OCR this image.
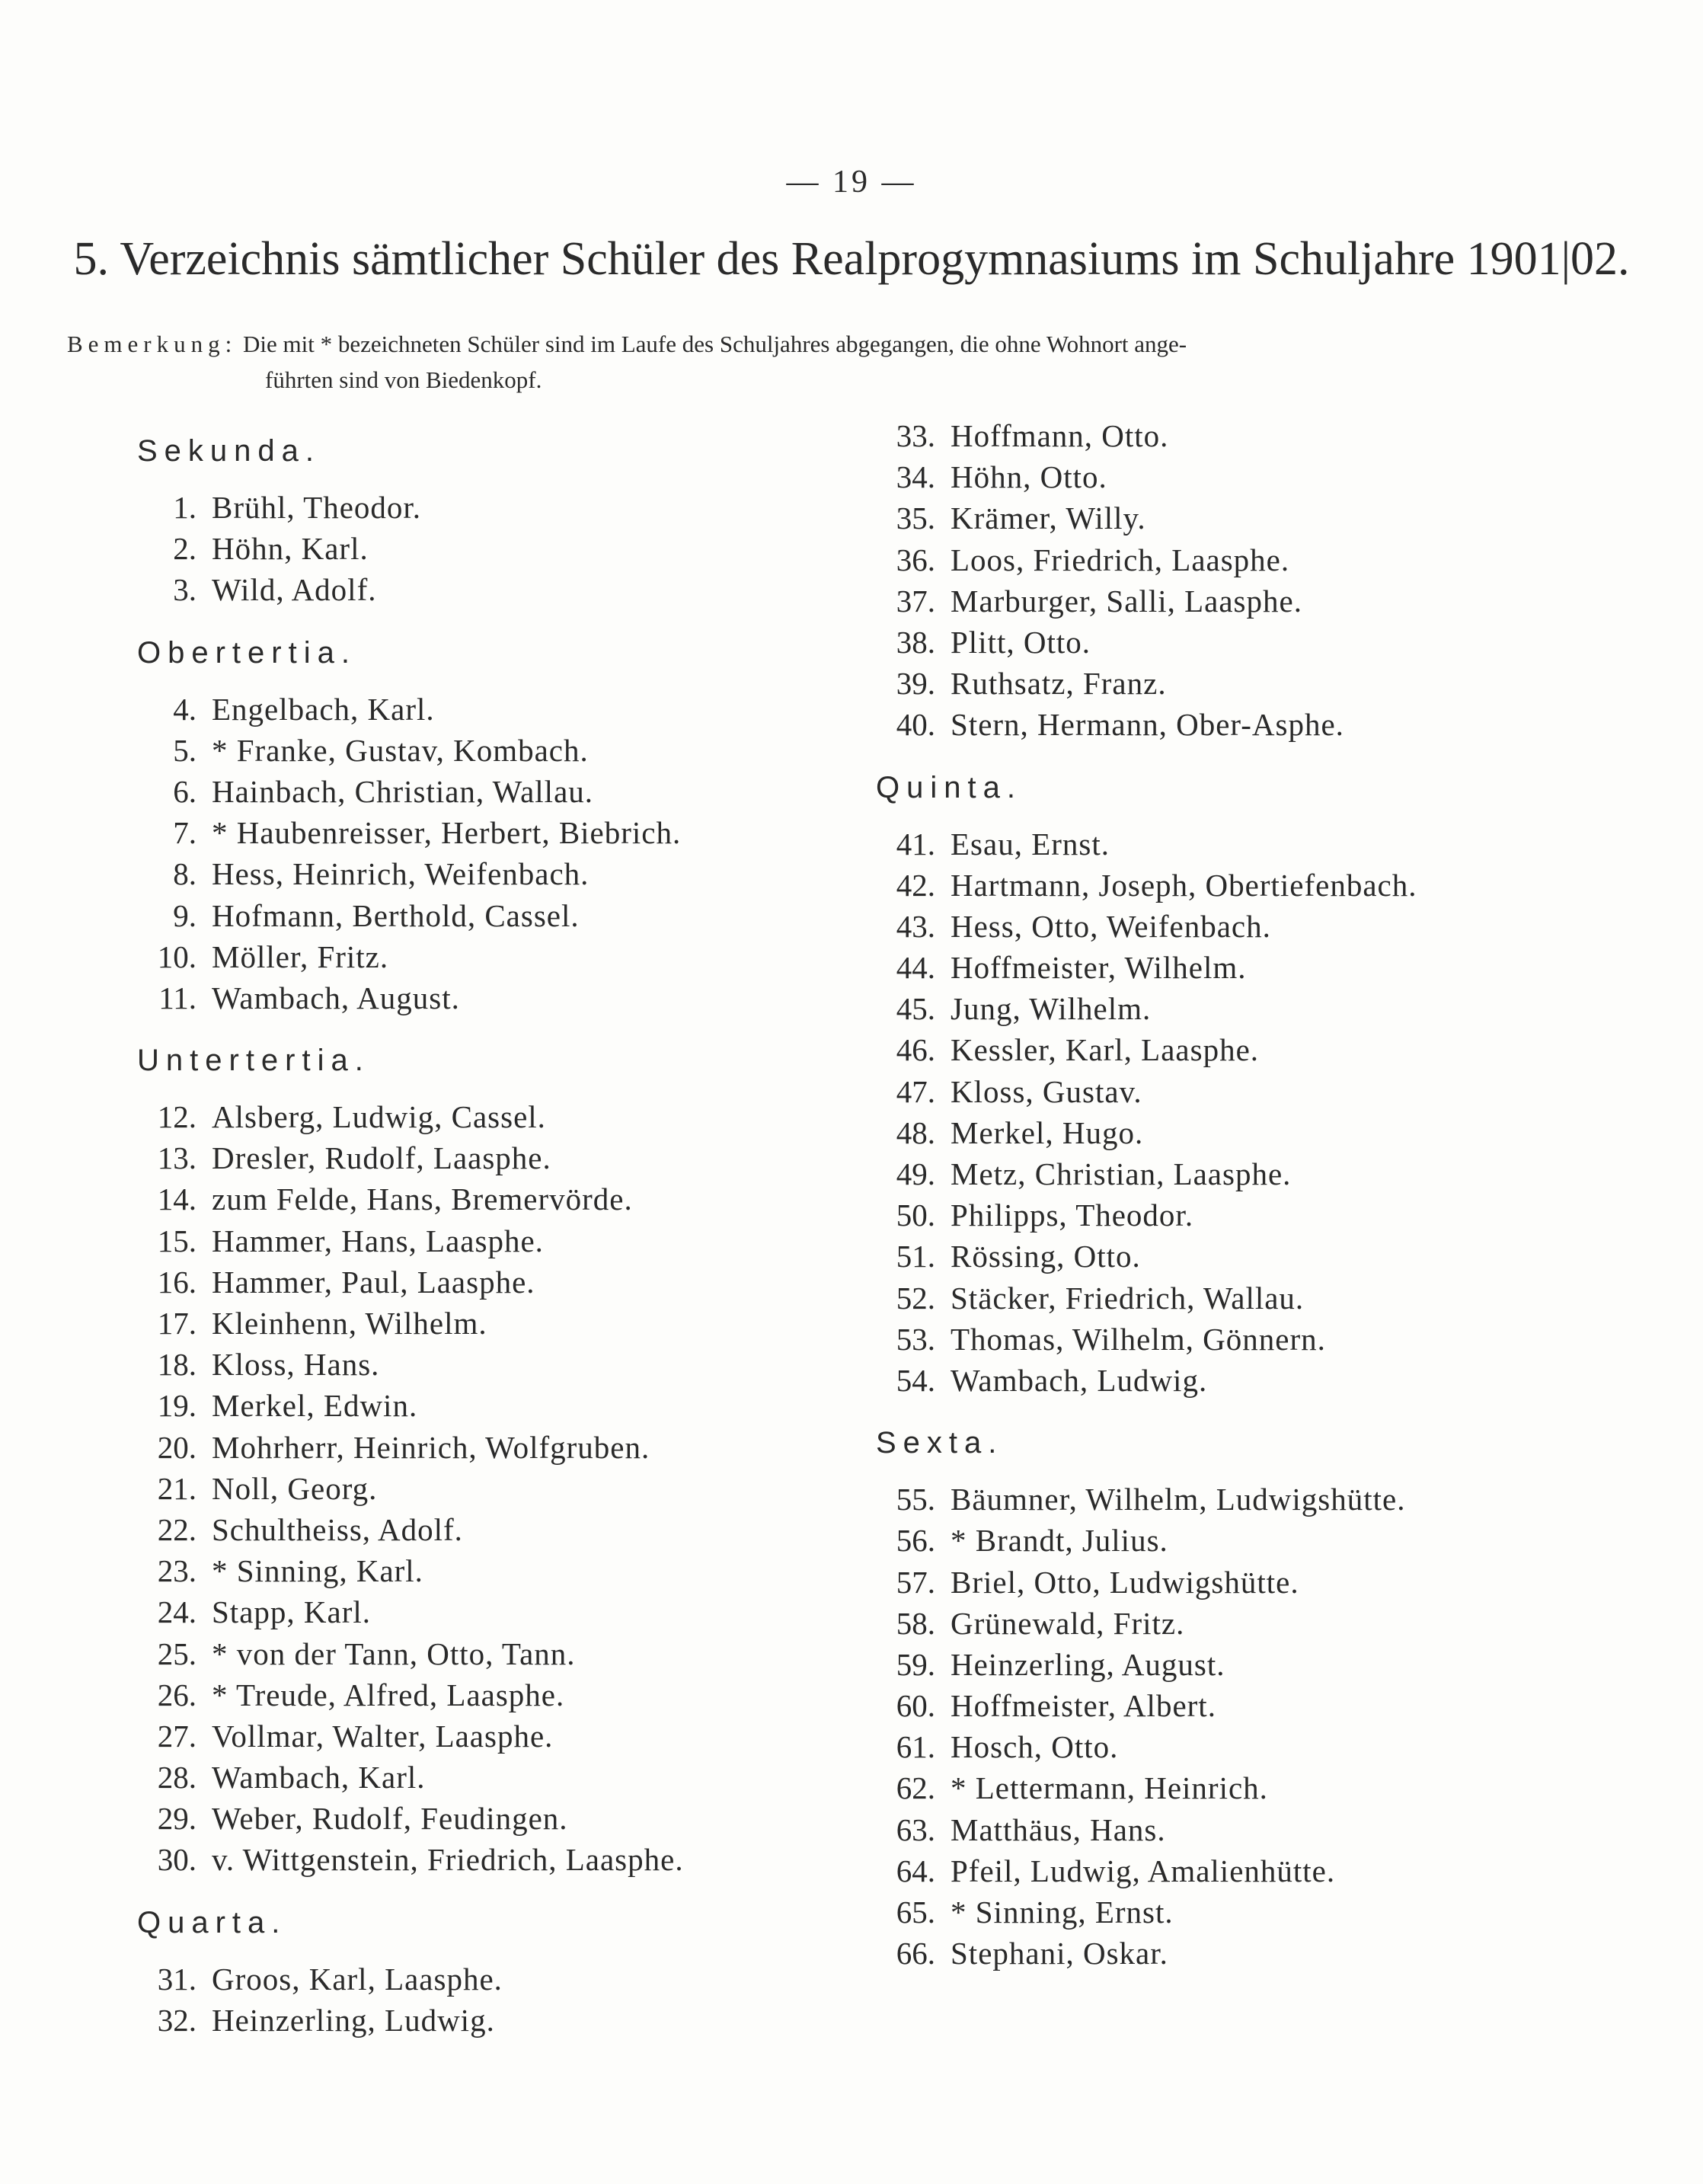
— 19 —
5. Verzeichnis sämtlicher Schüler des Realprogymnasiums im Schuljahre 1901|02.
Bemerkung: Die mit * bezeichneten Schüler sind im Laufe des Schuljahres abgegangen, die ohne Wohnort ange-
führten sind von Biedenkopf.
Sekunda.
1. Brühl, Theodor.
2. Höhn, Karl.
3. Wild, Adolf.
Obertertia.
4. Engelbach, Karl.
5. * Franke, Gustav, Kombach.
6. Hainbach, Christian, Wallau.
7. * Haubenreisser, Herbert, Biebrich.
8. Hess, Heinrich, Weifenbach.
9. Hofmann, Berthold, Cassel.
10. Möller, Fritz.
11. Wambach, August.
Untertertia.
12. Alsberg, Ludwig, Cassel.
13. Dresler, Rudolf, Laasphe.
14. zum Felde, Hans, Bremervörde.
15. Hammer, Hans, Laasphe.
16. Hammer, Paul, Laasphe.
17. Kleinhenn, Wilhelm.
18. Kloss, Hans.
19. Merkel, Edwin.
20. Mohrherr, Heinrich, Wolfgruben.
21. Noll, Georg.
22. Schultheiss, Adolf.
23. * Sinning, Karl.
24. Stapp, Karl.
25. * von der Tann, Otto, Tann.
26. * Treude, Alfred, Laasphe.
27. Vollmar, Walter, Laasphe.
28. Wambach, Karl.
29. Weber, Rudolf, Feudingen.
30. v. Wittgenstein, Friedrich, Laasphe.
Quarta.
31. Groos, Karl, Laasphe.
32. Heinzerling, Ludwig.
33. Hoffmann, Otto.
34. Höhn, Otto.
35. Krämer, Willy.
36. Loos, Friedrich, Laasphe.
37. Marburger, Salli, Laasphe.
38. Plitt, Otto.
39. Ruthsatz, Franz.
40. Stern, Hermann, Ober-Asphe.
Quinta.
41. Esau, Ernst.
42. Hartmann, Joseph, Obertiefenbach.
43. Hess, Otto, Weifenbach.
44. Hoffmeister, Wilhelm.
45. Jung, Wilhelm.
46. Kessler, Karl, Laasphe.
47. Kloss, Gustav.
48. Merkel, Hugo.
49. Metz, Christian, Laasphe.
50. Philipps, Theodor.
51. Rössing, Otto.
52. Stäcker, Friedrich, Wallau.
53. Thomas, Wilhelm, Gönnern.
54. Wambach, Ludwig.
Sexta.
55. Bäumner, Wilhelm, Ludwigshütte.
56. * Brandt, Julius.
57. Briel, Otto, Ludwigshütte.
58. Grünewald, Fritz.
59. Heinzerling, August.
60. Hoffmeister, Albert.
61. Hosch, Otto.
62. * Lettermann, Heinrich.
63. Matthäus, Hans.
64. Pfeil, Ludwig, Amalienhütte.
65. * Sinning, Ernst.
66. Stephani, Oskar.
